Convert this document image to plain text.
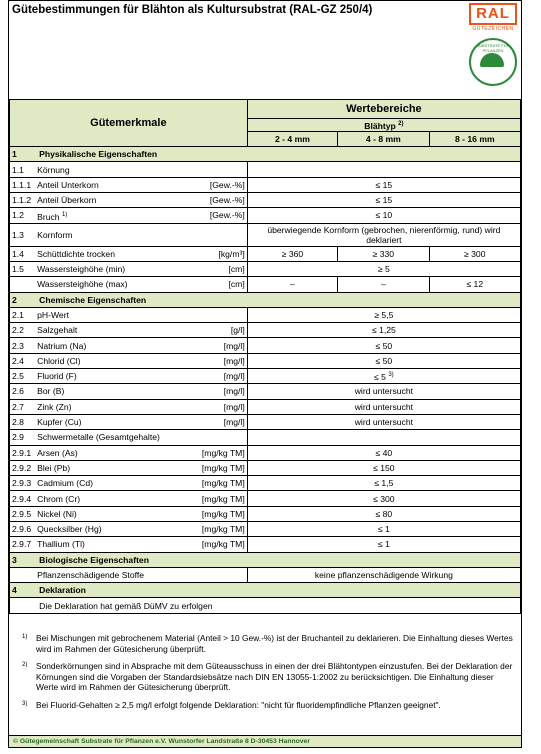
Gütebestimmungen für Blähton als Kultursubstrat (RAL-GZ 250/4)	RAL
GÜTEZEICHEN
SUBSTRATE FÜR PFLANZEN
Gütemerkmale			Wertebereiche		
			Blähtyp $^{2)}$
			2 - 4 mm	4 - 8 mm	8 - 16 mm
1	Physikalische Eigenschaften				
1.1	Körnung				
1.1.1	Anteil Unterkorn	[Gew.-%]	≤ 15		
1.1.2	Anteil Überkorn	[Gew.-%]	≤ 15		
1.2	Bruch $^{1)}$	[Gew.-%]	≤ 10		
1.3	Kornform		überwiegende Kornform (gebrochen, nierenförmig, rund) wird deklariert		
1.4	Schüttdichte trocken	[kg/m³]	≥ 360	≥ 330	≥ 300
1.5	Wassersteighöhe (min)	[cm]	≥ 5		
	Wassersteighöhe (max)	[cm]	–	–	≤ 12
2	Chemische Eigenschaften				
2.1	pH-Wert		≥ 5,5		
2.2	Salzgehalt	[g/l]	≤ 1,25		
2.3	Natrium (Na)	[mg/l]	≤ 50		
2.4	Chlorid (Cl)	[mg/l]	≤ 50		
2.5	Fluorid (F)	[mg/l]	≤ 5 $^{3)}$
2.6	Bor (B)	[mg/l]	wird untersucht		
2.7	Zink (Zn)	[mg/l]	wird untersucht		
2.8	Kupfer (Cu)	[mg/l]	wird untersucht		
2.9	Schwermetalle (Gesamtgehalte)				
2.9.1	Arsen (As)	[mg/kg TM]	≤ 40		
2.9.2	Blei (Pb)	[mg/kg TM]	≤ 150		
2.9.3	Cadmium (Cd)	[mg/kg TM]	≤ 1,5		
2.9.4	Chrom (Cr)	[mg/kg TM]	≤ 300		
2.9.5	Nickel (Ni)	[mg/kg TM]	≤ 80		
2.9.6	Quecksilber (Hg)	[mg/kg TM]	≤ 1		
2.9.7	Thallium (Tl)	[mg/kg TM]	≤ 1		
3	Biologische Eigenschaften				
	Pflanzenschädigende Stoffe		keine pflanzenschädigende Wirkung		
4	Deklaration				
	Die Deklaration hat gemäß DüMV zu erfolgen				
1) Bei Mischungen mit gebrochenem Material (Anteil > 10 Gew.-%) ist der Bruchanteil zu deklarieren. Die Einhaltung dieses Wertes wird im Rahmen der Gütesicherung überprüft.
2) Sonderkörnungen sind in Absprache mit dem Güteausschuss in einen der drei Blähtontypen einzustufen. Bei der Deklaration der Körnungen sind die Vorgaben der Standardsiebsätze nach DIN EN 13055-1:2002 zu berücksichtigen. Die Einhaltung dieser Werte wird im Rahmen der Gütesicherung überprüft.
3) Bei Fluorid-Gehalten ≥ 2,5 mg/l erfolgt folgende Deklaration: "nicht für fluoridempfindliche Pflanzen geeignet".
© Gütegemeinschaft Substrate für Pflanzen e.V. Wunstorfer Landstraße 8 D-30453 Hannover
